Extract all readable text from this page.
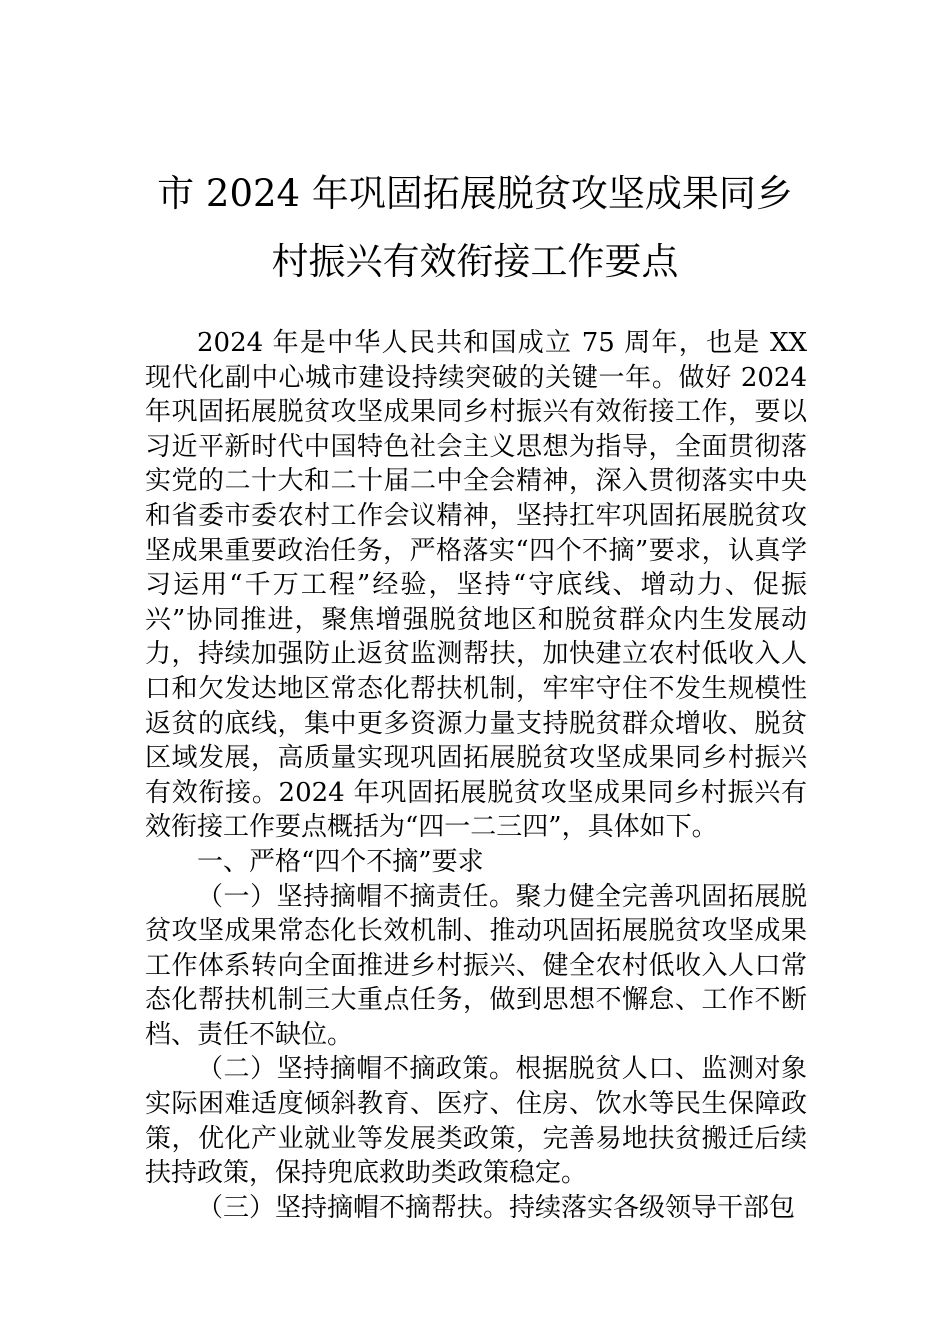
市 2024 年巩固拓展脱贫攻坚成果同乡村振兴有效衔接工作要点

2024 年是中华人民共和国成立 75 周年，也是 XX 现代化副中心城市建设持续突破的关键一年。做好 2024 年巩固拓展脱贫攻坚成果同乡村振兴有效衔接工作，要以习近平新时代中国特色社会主义思想为指导，全面贯彻落实党的二十大和二十届二中全会精神，深入贯彻落实中央和省委市委农村工作会议精神，坚持扛牢巩固拓展脱贫攻坚成果重要政治任务，严格落实“四个不摘”要求，认真学习运用“千万工程”经验，坚持“守底线、增动力、促振兴”协同推进，聚焦增强脱贫地区和脱贫群众内生发展动力，持续加强防止返贫监测帮扶，加快建立农村低收入人口和欠发达地区常态化帮扶机制，牢牢守住不发生规模性返贫的底线，集中更多资源力量支持脱贫群众增收、脱贫区域发展，高质量实现巩固拓展脱贫攻坚成果同乡村振兴有效衔接。2024 年巩固拓展脱贫攻坚成果同乡村振兴有效衔接工作要点概括为“四一二三四”，具体如下。

一、严格“四个不摘”要求

（一）坚持摘帽不摘责任。聚力健全完善巩固拓展脱贫攻坚成果常态化长效机制、推动巩固拓展脱贫攻坚成果工作体系转向全面推进乡村振兴、健全农村低收入人口常态化帮扶机制三大重点任务，做到思想不懈怠、工作不断档、责任不缺位。

（二）坚持摘帽不摘政策。根据脱贫人口、监测对象实际困难适度倾斜教育、医疗、住房、饮水等民生保障政策，优化产业就业等发展类政策，完善易地扶贫搬迁后续扶持政策，保持兜底救助类政策稳定。

（三）坚持摘帽不摘帮扶。持续落实各级领导干部包
